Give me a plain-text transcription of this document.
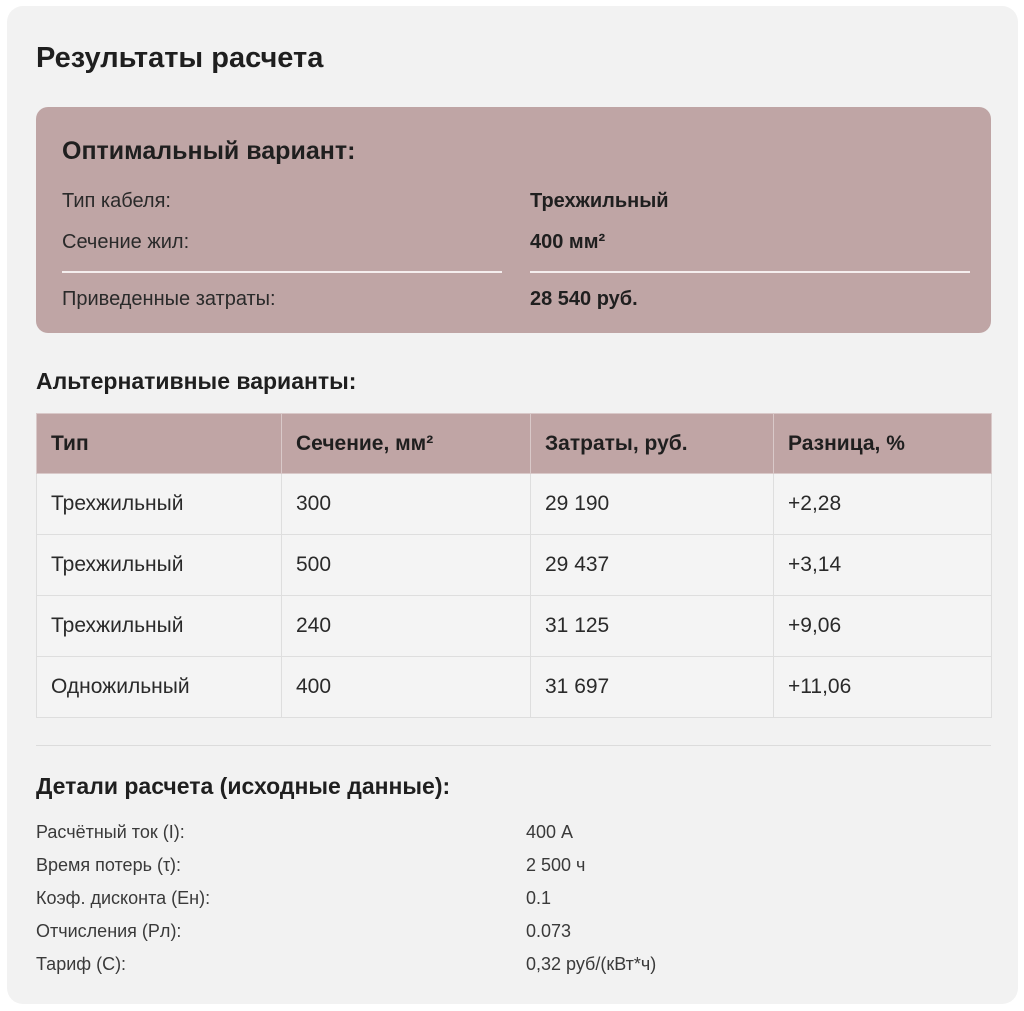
Результаты расчета
Оптимальный вариант:
Тип кабеля:	Трехжильный
Сечение жил:	400 мм²
Приведенные затраты:	28 540 руб.
Альтернативные варианты:
Тип	Сечение, мм²	Затраты, руб.	Разница, %
Трехжильный	300	29 190	+2,28
Трехжильный	500	29 437	+3,14
Трехжильный	240	31 125	+9,06
Одножильный	400	31 697	+11,06
Детали расчета (исходные данные):
Расчётный ток (I):	400 А
Время потерь (τ):	2 500 ч
Коэф. дисконта (Ен):	0.1
Отчисления (Рл):	0.073
Тариф (С):	0,32 руб/(кВт*ч)
